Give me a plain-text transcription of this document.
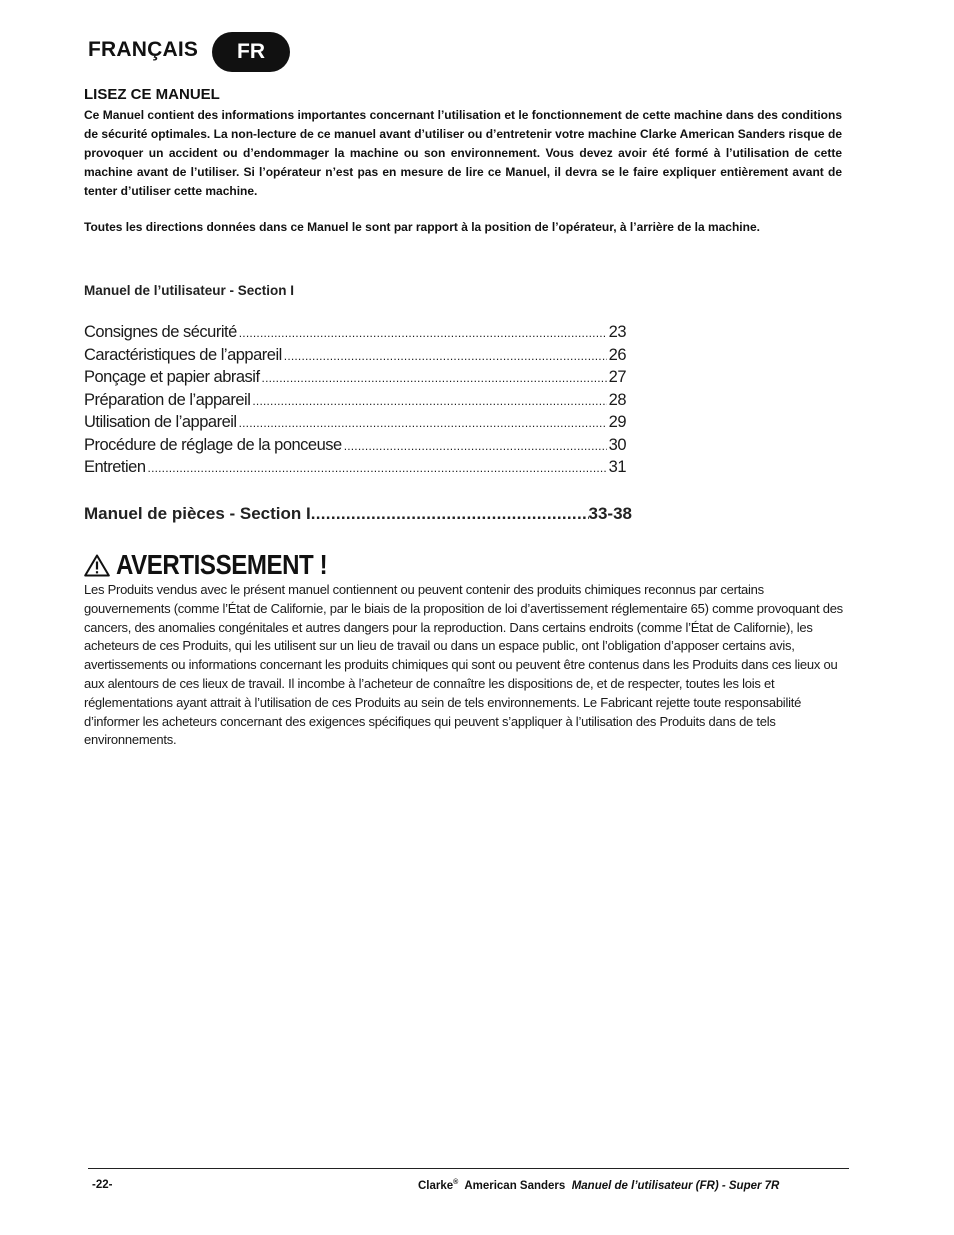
FRANÇAIS	FR
LISEZ CE MANUEL

Ce Manuel contient des informations importantes concernant l’utilisation et le fonctionnement de cette machine dans des conditions de sécurité optimales. La non-lecture de ce manuel avant d’utiliser ou d’entretenir votre machine Clarke American Sanders risque de provoquer un accident ou d’endommager la machine ou son environnement. Vous devez avoir été formé à l’utilisation de cette machine avant de l’utiliser. Si l’opérateur n’est pas en mesure de lire ce Manuel, il devra se le faire expliquer entièrement avant de tenter d’utiliser cette machine.

Toutes les directions données dans ce Manuel le sont par rapport à la position de l’opérateur, à l’arrière de la machine.

Manuel de l’utilisateur - Section I
Consignes de sécurité .....	23
Caractéristiques de l’appareil .....	26
Ponçage et papier abrasif .....	27
Préparation de l’appareil .....	28
Utilisation de l’appareil .....	29
Procédure de réglage de la ponceuse .....	30
Entretien .....	31
Manuel de pièces - Section I .....	33-38
AVERTISSEMENT !

Les Produits vendus avec le présent manuel contiennent ou peuvent contenir des produits chimiques reconnus par certains gouvernements (comme l’État de Californie, par le biais de la proposition de loi d’avertissement réglementaire 65) comme provoquant des cancers, des anomalies congénitales et autres dangers pour la reproduction. Dans certains endroits (comme l’État de Californie), les acheteurs de ces Produits, qui les utilisent sur un lieu de travail ou dans un espace public, ont l’obligation d’apposer certains avis, avertissements ou informations concernant les produits chimiques qui sont ou peuvent être contenus dans les Produits dans ces lieux ou aux alentours de ces lieux de travail. Il incombe à l’acheteur de connaître les dispositions de, et de respecter, toutes les lois et réglementations ayant attrait à l’utilisation de ces Produits au sein de tels environnements. Le Fabricant rejette toute responsabilité d’informer les acheteurs concernant des exigences spécifiques qui peuvent s’appliquer à l’utilisation des Produits dans de tels environnements.

-22-	Clarke® American Sanders Manuel de l’utilisateur (FR) - Super 7R
